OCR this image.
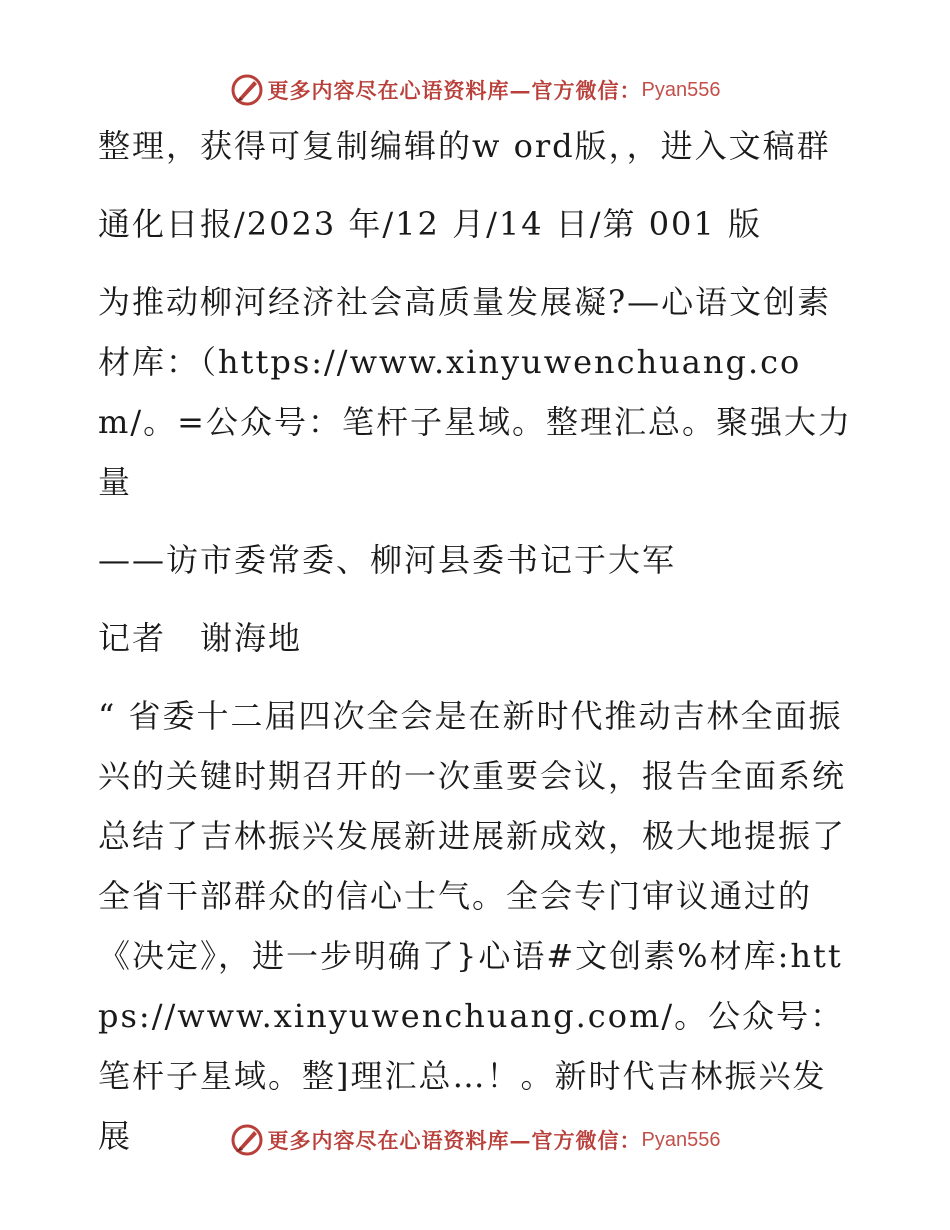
更多内容尽在心语资料库—官方微信： Pyan556

整理，获得可复制编辑的w ord版，，进入文稿群

通化日报/2023 年/12 月/14 日/第 001 版

为推动柳河经济社会高质量发展凝?—心语文创素材库：（https://www.xinyuwenchuang.com/。=公众号：笔杆子星域。整理汇总。聚强大力量

——访市委常委、柳河县委书记于大军

记者　谢海地

“ 省委十二届四次全会是在新时代推动吉林全面振兴的关键时期召开的一次重要会议，报告全面系统总结了吉林振兴发展新进展新成效，极大地提振了全省干部群众的信心士气。全会专门审议通过的《决定》，进一步明确了}心语#文创素%材库:https://www.xinyuwenchuang.com/。公众号：笔杆子星域。整]理汇总…！。新时代吉林振兴发展	更多内容尽在心语资料库—官方微信： Pyan556
